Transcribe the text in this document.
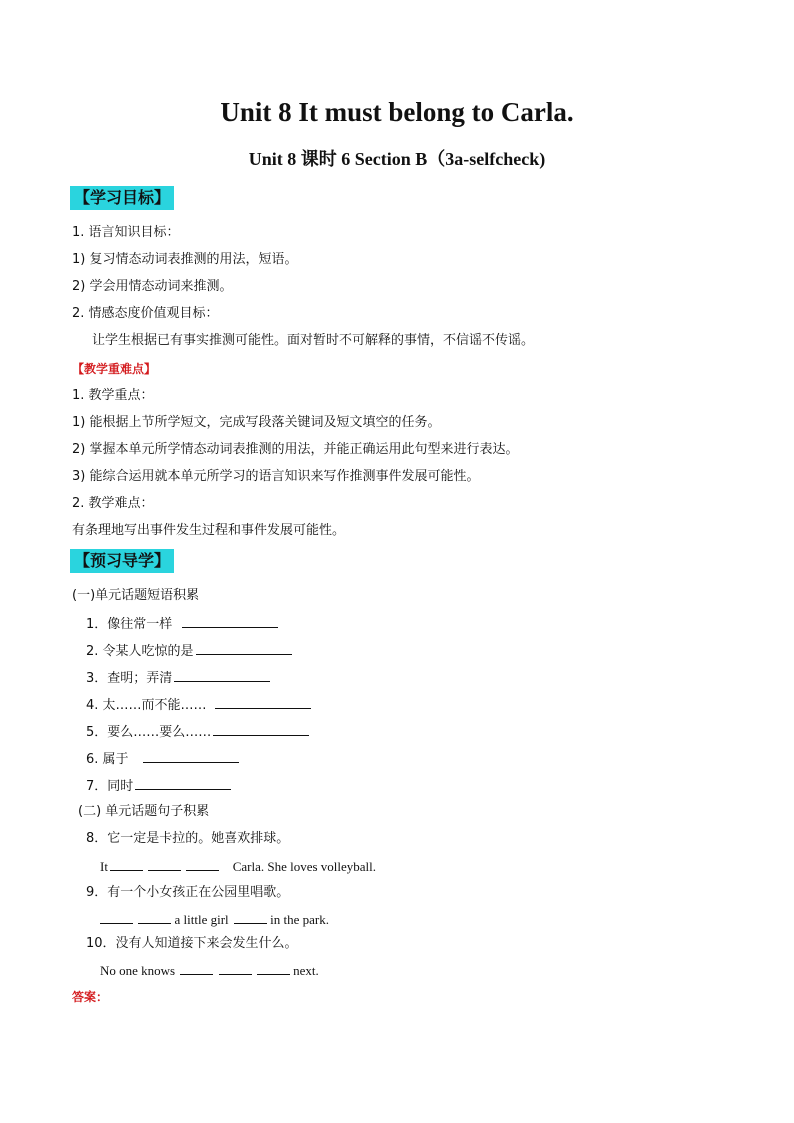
Unit 8 It must belong to Carla.
Unit 8 课时 6 Section B（3a-selfcheck)
【学习目标】
1. 语言知识目标：
1) 复习情态动词表推测的用法，短语。
2) 学会用情态动词来推测。
2. 情感态度价值观目标：
让学生根据已有事实推测可能性。面对暂时不可解释的事情，不信谣不传谣。
【教学重难点】
1. 教学重点：
1) 能根据上节所学短文，完成写段落关键词及短文填空的任务。
2) 掌握本单元所学情态动词表推测的用法，并能正确运用此句型来进行表达。
3) 能综合运用就本单元所学习的语言知识来写作推测事件发展可能性。
2. 教学难点：
有条理地写出事件发生过程和事件发展可能性。
【预习导学】
(一)单元话题短语积累
1．像往常一样
2. 令某人吃惊的是
3．查明；弄清
4. 太……而不能……
5．要么……要么……
6. 属于
7．同时
(二) 单元话题句子积累
8．它一定是卡拉的。她喜欢排球。
It	Carla. She loves volleyball.
9．有一个小女孩正在公园里唱歌。
a little girl	in the park.
10．没有人知道接下来会发生什么。
No one knows	next.
答案：
